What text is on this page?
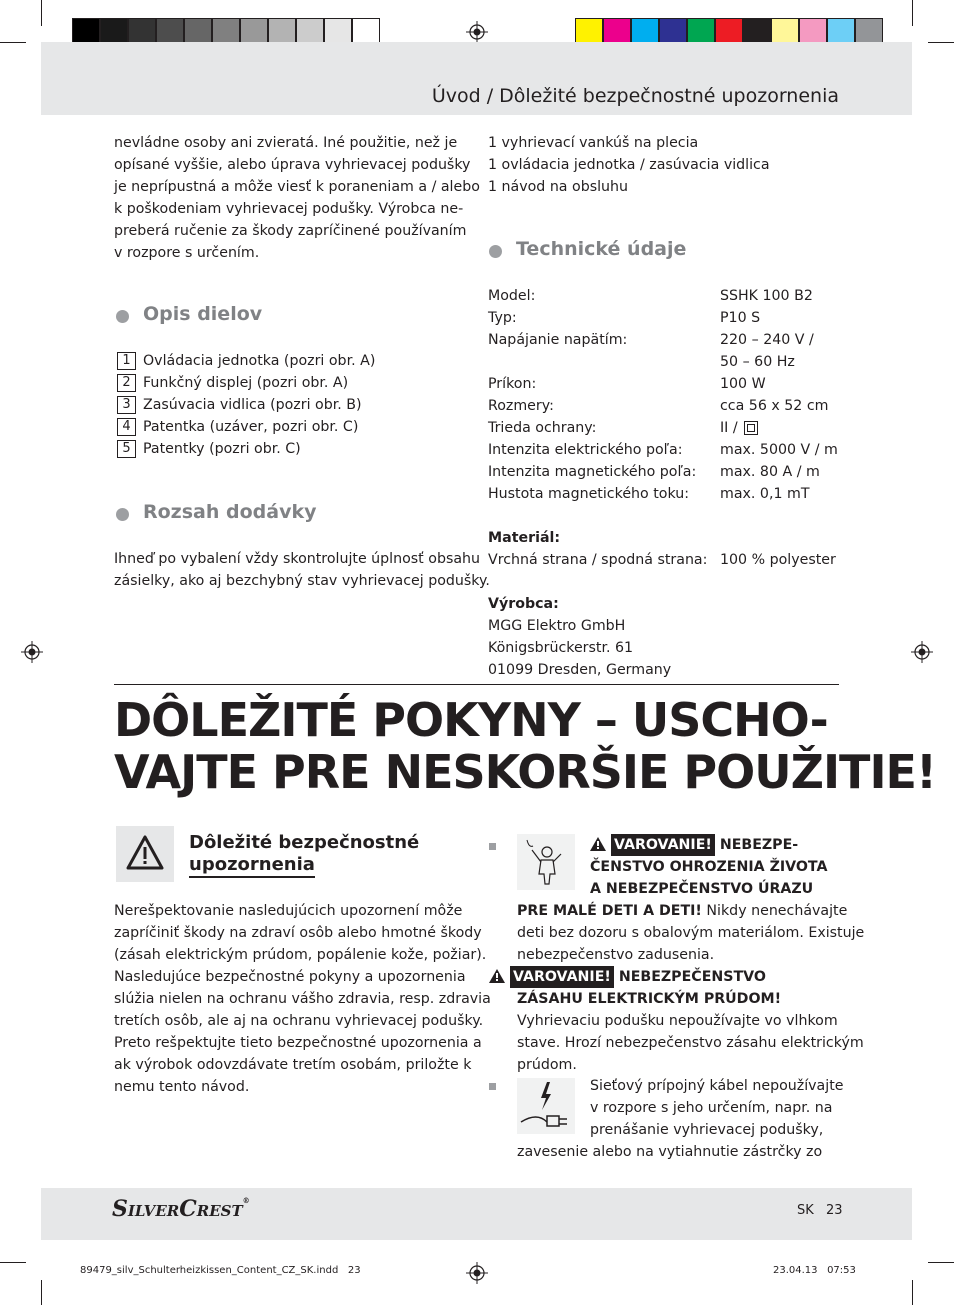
Úvod / Dôležité bezpečnostné upozornenia
nevládne osoby ani zvieratá. Iné použitie, než je
opísané vyššie, alebo úprava vyhrievacej podušky
je neprípustná a môže viesť k poraneniam a / alebo
k poškodeniam vyhrievacej podušky. Výrobca ne-
preberá ručenie za škody zapríčinené používaním
v rozpore s určením.
Opis dielov
1 Ovládacia jednotka (pozri obr. A)
2 Funkčný displej (pozri obr. A)
3 Zasúvacia vidlica (pozri obr. B)
4 Patentka (uzáver, pozri obr. C)
5 Patentky (pozri obr. C)
Rozsah dodávky
Ihneď po vybalení vždy skontrolujte úplnosť obsahu
zásielky, ako aj bezchybný stav vyhrievacej podušky.
1 vyhrievací vankúš na plecia
1 ovládacia jednotka / zasúvacia vidlica
1 návod na obsluhu
Technické údaje
Model:	SSHK 100 B2
Typ:	P10 S
Napájanie napätím:	220 – 240 V /
50 – 60 Hz
Príkon:	100 W
Rozmery:	cca 56 x 52 cm
Trieda ochrany:	II /
Intenzita elektrického poľa:	max. 5000 V / m
Intenzita magnetického poľa: max. 80 A / m
Hustota magnetického toku: max. 0,1 mT
Materiál:
Vrchná strana / spodná strana: 100 % polyester
Výrobca:
MGG Elektro GmbH
Königsbrückerstr. 61
01099 Dresden, Germany
DÔLEŽITÉ POKYNY – USCHO-
VAJTE PRE NESKORŠIE POUŽITIE!
Dôležité bezpečnostné
upozornenia
Nerešpektovanie nasledujúcich upozornení môže
zapríčiniť škody na zdraví osôb alebo hmotné škody
(zásah elektrickým prúdom, popálenie kože, požiar).
Nasledujúce bezpečnostné pokyny a upozornenia
slúžia nielen na ochranu vášho zdravia, resp. zdravia
tretích osôb, ale aj na ochranu vyhrievacej podušky.
Preto rešpektujte tieto bezpečnostné upozornenia a
ak výrobok odovzdávate tretím osobám, priložte k
nemu tento návod.
VAROVANIE! NEBEZPE-
ČENSTVO OHROZENIA ŽIVOTA
A NEBEZPEČENSTVO ÚRAZU
PRE MALÉ DETI A DETI! Nikdy nenechávajte
deti bez dozoru s obalovým materiálom. Existuje
nebezpečenstvo zadusenia.
VAROVANIE! NEBEZPEČENSTVO
ZÁSAHU ELEKTRICKÝM PRÚDOM!
Vyhrievaciu podušku nepoužívajte vo vlhkom
stave. Hrozí nebezpečenstvo zásahu elektrickým
prúdom.
Sieťový prípojný kábel nepoužívajte
v rozpore s jeho určením, napr. na
prenášanie vyhrievacej podušky,
zavesenie alebo na vytiahnutie zástrčky zo
SILVERCREST®
SK 23
89479_silv_Schulterheizkissen_Content_CZ_SK.indd   23	23.04.13   07:53
